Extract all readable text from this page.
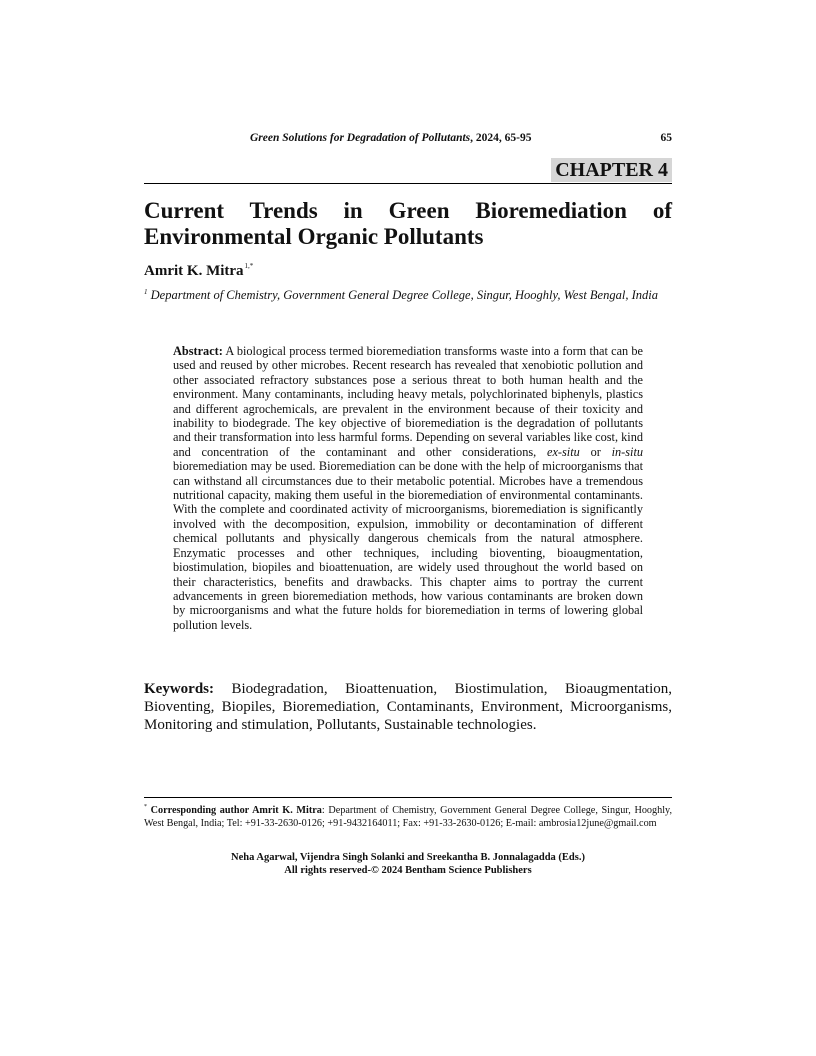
Green Solutions for Degradation of Pollutants, 2024, 65-95	65
CHAPTER 4
Current Trends in Green Bioremediation of Environmental Organic Pollutants
Amrit K. Mitra$^{1,*}$
$^1$ Department of Chemistry, Government General Degree College, Singur, Hooghly, West Bengal, India
Abstract: A biological process termed bioremediation transforms waste into a form that can be used and reused by other microbes. Recent research has revealed that xenobiotic pollution and other associated refractory substances pose a serious threat to both human health and the environment. Many contaminants, including heavy metals, polychlorinated biphenyls, plastics and different agrochemicals, are prevalent in the environment because of their toxicity and inability to biodegrade. The key objective of bioremediation is the degradation of pollutants and their transformation into less harmful forms. Depending on several variables like cost, kind and concentration of the contaminant and other considerations, ex-situ or in-situ bioremediation may be used. Bioremediation can be done with the help of microorganisms that can withstand all circumstances due to their metabolic potential. Microbes have a tremendous nutritional capacity, making them useful in the bioremediation of environmental contaminants. With the complete and coordinated activity of microorganisms, bioremediation is significantly involved with the decomposition, expulsion, immobility or decontamination of different chemical pollutants and physically dangerous chemicals from the natural atmosphere. Enzymatic processes and other techniques, including bioventing, bioaugmentation, biostimulation, biopiles and bioattenuation, are widely used throughout the world based on their characteristics, benefits and drawbacks. This chapter aims to portray the current advancements in green bioremediation methods, how various contaminants are broken down by microorganisms and what the future holds for bioremediation in terms of lowering global pollution levels.
Keywords: Biodegradation, Bioattenuation, Biostimulation, Bioaugmentation, Bioventing, Biopiles, Bioremediation, Contaminants, Environment, Microorganisms, Monitoring and stimulation, Pollutants, Sustainable technologies.
* Corresponding author Amrit K. Mitra: Department of Chemistry, Government General Degree College, Singur, Hooghly, West Bengal, India; Tel: +91-33-2630-0126; +91-9432164011; Fax: +91-33-2630-0126; E-mail: ambrosia12june@gmail.com
Neha Agarwal, Vijendra Singh Solanki and Sreekantha B. Jonnalagadda (Eds.)
All rights reserved-© 2024 Bentham Science Publishers
